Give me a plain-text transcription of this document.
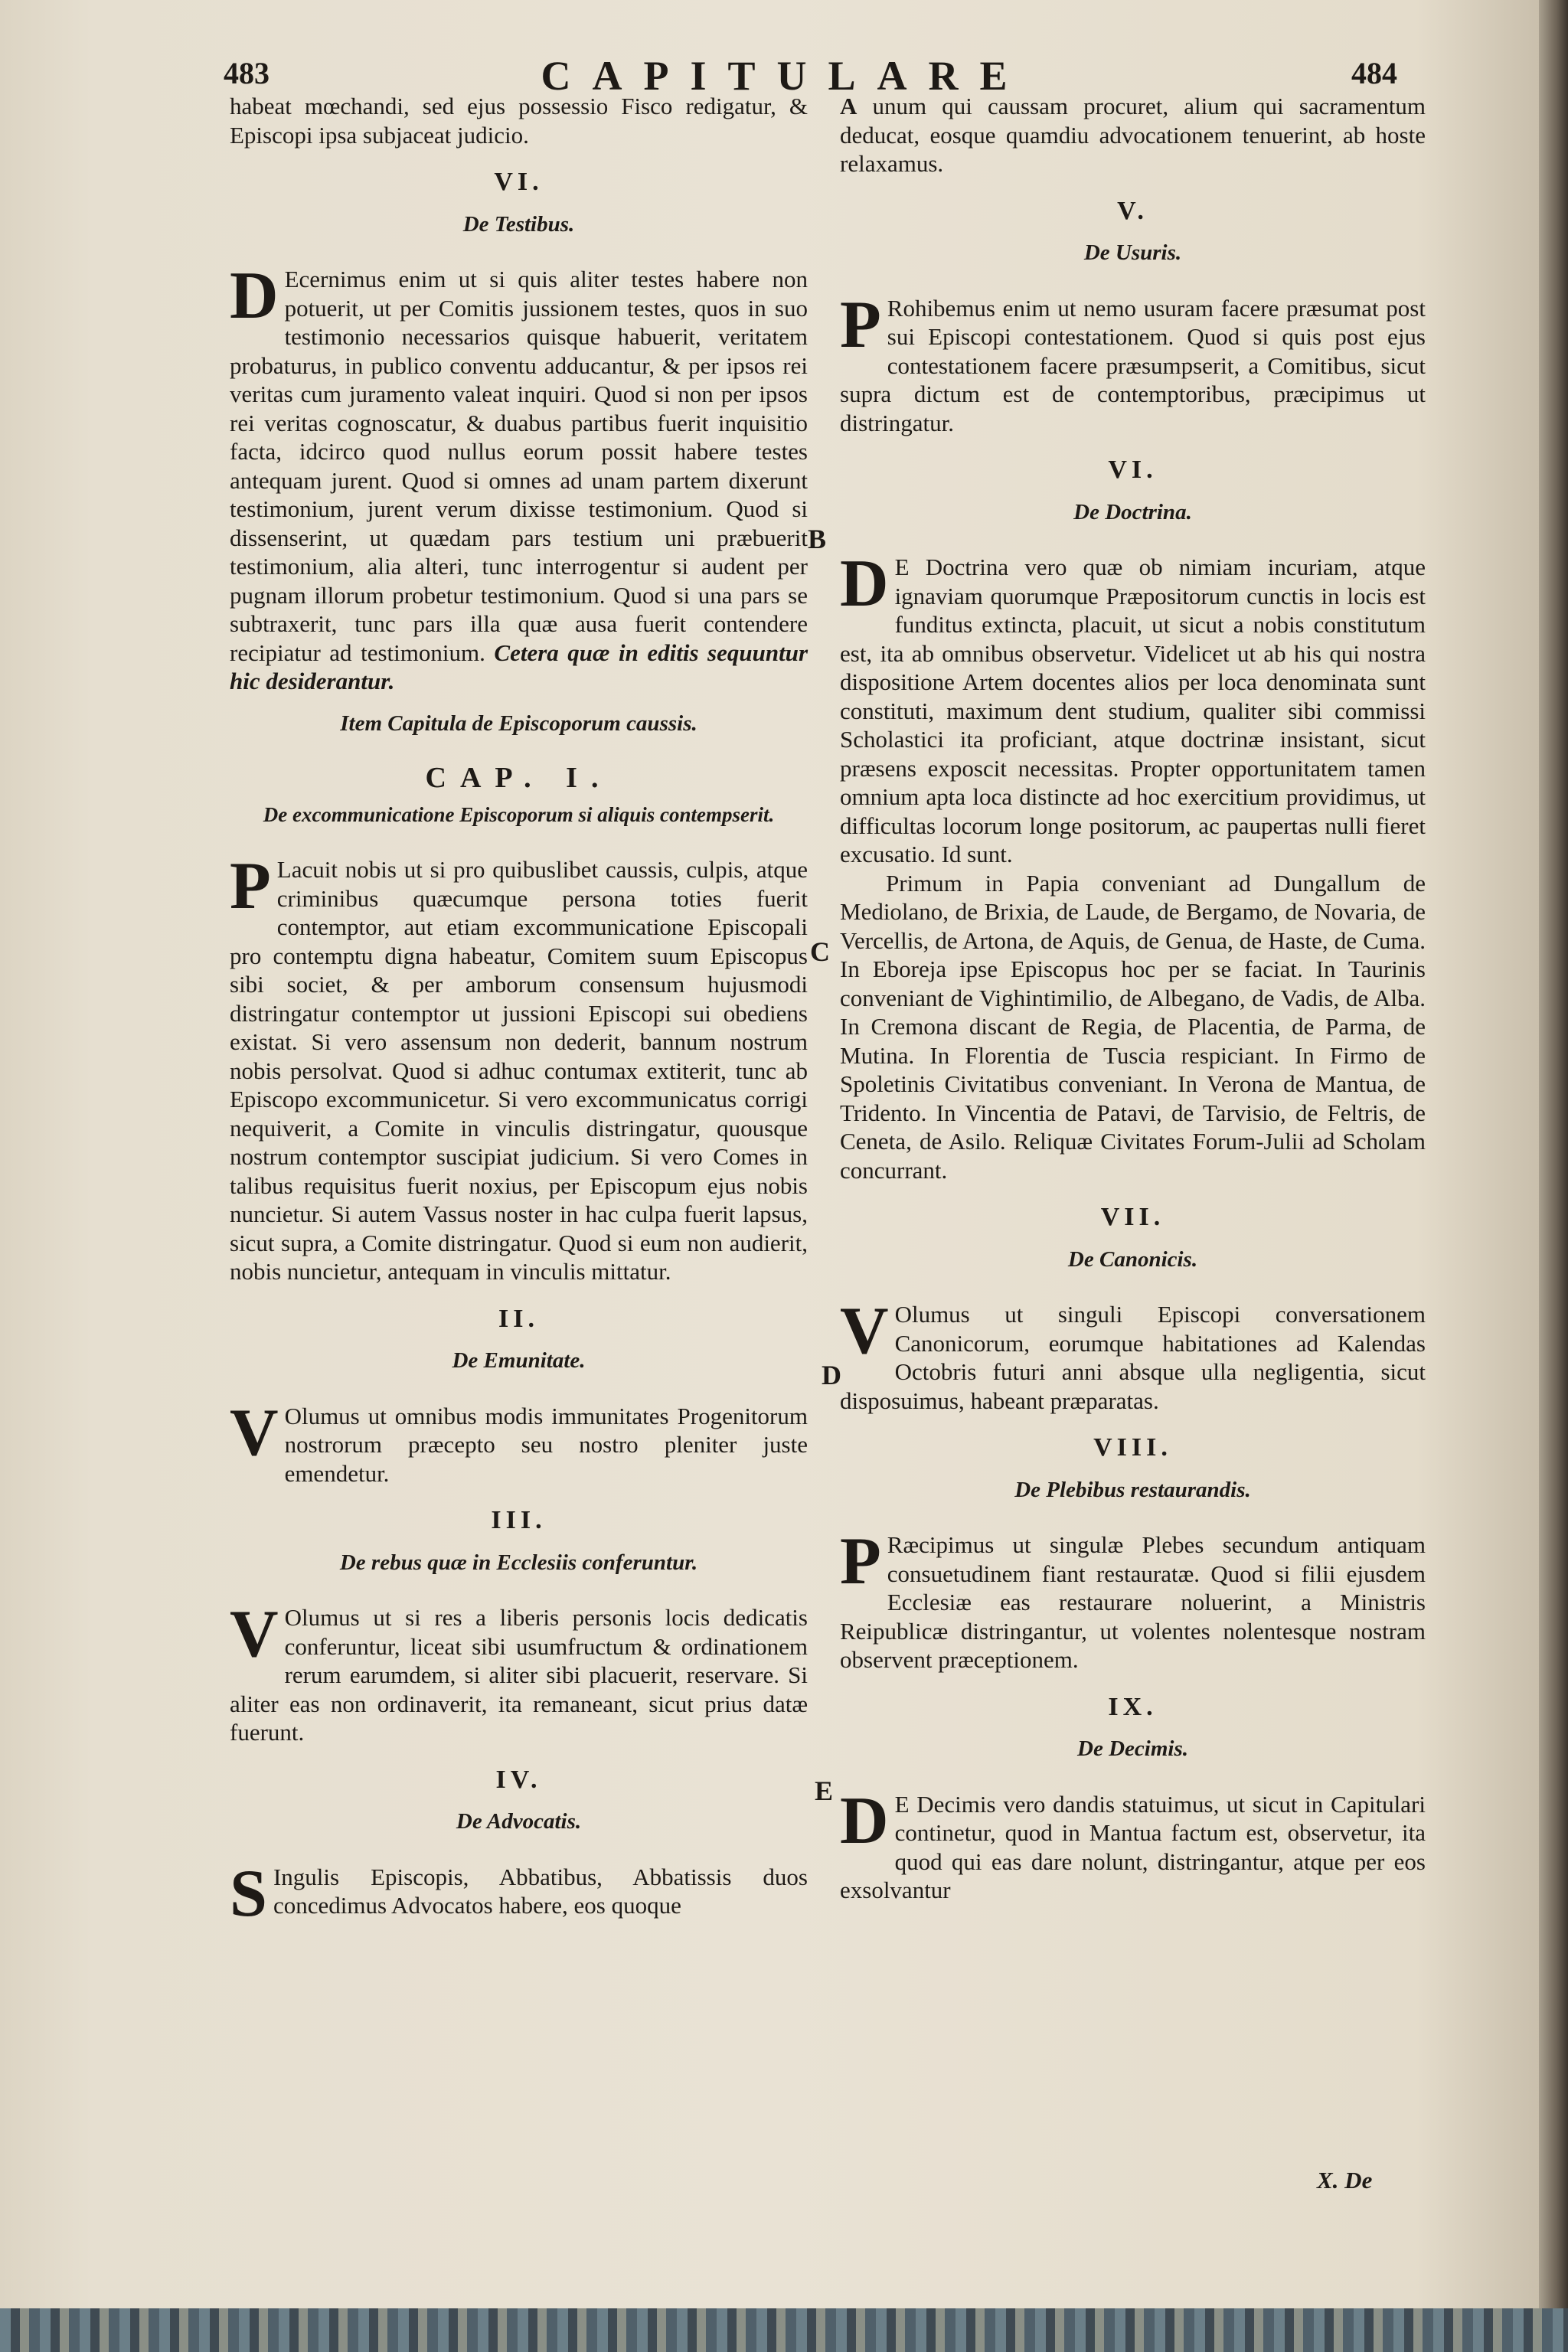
483	CAPITULARE	484

habeat mœchandi, sed ejus possessio Fisco redigatur, & Episcopi ipsa subjaceat judicio.

VI.
De Testibus.

D Ecernimus enim ut si quis aliter testes habere non potuerit, ut per Comitis jussionem testes, quos in suo testimonio necessarios quisque habuerit, veritatem probaturus, in publico conventu adducantur, & per ipsos rei veritas cum juramento valeat inquiri. Quod si non per ipsos rei veritas cognoscatur, & duabus partibus fuerit inquisitio facta, idcirco quod nullus eorum possit habere testes antequam jurent. Quod si omnes ad unam partem dixerunt testimonium, jurent verum dixisse testimonium. Quod si dissenserint, ut quædam pars testium uni præbuerit testimonium, alia alteri, tunc interrogentur si audent per pugnam illorum probetur testimonium. Quod si una pars se subtraxerit, tunc pars illa quæ ausa fuerit contendere recipiatur ad testimonium. Cetera quæ in editis sequuntur hic desiderantur.

Item Capitula de Episcoporum caussis.
CAP. I.
De excommunicatione Episcoporum si aliquis contempserit.

P Lacuit nobis ut si pro quibuslibet caussis, culpis, atque criminibus quæcumque persona toties fuerit contemptor, aut etiam excommunicatione Episcopali pro contemptu digna habeatur, Comitem suum Episcopus sibi societ, & per amborum consensum hujusmodi distringatur contemptor ut jussioni Episcopi sui obediens existat. Si vero assensum non dederit, bannum nostrum nobis persolvat. Quod si adhuc contumax extiterit, tunc ab Episcopo excommunicetur. Si vero excommunicatus corrigi nequiverit, a Comite in vinculis distringatur, quousque nostrum contemptor suscipiat judicium. Si vero Comes in talibus requisitus fuerit noxius, per Episcopum ejus nobis nuncietur. Si autem Vassus noster in hac culpa fuerit lapsus, sicut supra, a Comite distringatur. Quod si eum non audierit, nobis nuncietur, antequam in vinculis mittatur.

II.
De Emunitate.

V Olumus ut omnibus modis immunitates Progenitorum nostrorum præcepto seu nostro pleniter juste emendetur.

III.
De rebus quæ in Ecclesiis conferuntur.

V Olumus ut si res a liberis personis locis dedicatis conferuntur, liceat sibi usumfructum & ordinationem rerum earumdem, si aliter sibi placuerit, reservare. Si aliter eas non ordinaverit, ita remaneant, sicut prius datæ fuerunt.

IV.
De Advocatis.

S Ingulis Episcopis, Abbatibus, Abbatissis duos concedimus Advocatos habere, eos quoque

A unum qui caussam procuret, alium qui sacramentum deducat, eosque quamdiu advocationem tenuerint, ab hoste relaxamus.

V.
De Usuris.

P Rohibemus enim ut nemo usuram facere præsumat post sui Episcopi contestationem. Quod si quis post ejus contestationem facere præsumpserit, a Comitibus, sicut supra dictum est de contemptoribus, præcipimus ut distringatur.

VI.
De Doctrina.

D E Doctrina vero quæ ob nimiam incuriam, atque ignaviam quorumque Præpositorum cunctis in locis est funditus extincta, placuit, ut sicut a nobis constitutum est, ita ab omnibus observetur. Videlicet ut ab his qui nostra dispositione Artem docentes alios per loca denominata sunt constituti, maximum dent studium, qualiter sibi commissi Scholastici ita proficiant, atque doctrinæ insistant, sicut præsens exposcit necessitas. Propter opportunitatem tamen omnium apta loca distincte ad hoc exercitium providimus, ut difficultas locorum longe positorum, ac paupertas nulli fieret excusatio. Id sunt.

Primum in Papia conveniant ad Dungallum de Mediolano, de Brixia, de Laude, de Bergamo, de Novaria, de Vercellis, de Artona, de Aquis, de Genua, de Haste, de Cuma. In Eboreja ipse Episcopus hoc per se faciat. In Taurinis conveniant de Vighintimilio, de Albegano, de Vadis, de Alba. In Cremona discant de Regia, de Placentia, de Parma, de Mutina. In Florentia de Tuscia respiciant. In Firmo de Spoletinis Civitatibus conveniant. In Verona de Mantua, de Tridento. In Vincentia de Patavi, de Tarvisio, de Feltris, de Ceneta, de Asilo. Reliquæ Civitates Forum-Julii ad Scholam concurrant.

VII.
De Canonicis.

V Olumus ut singuli Episcopi conversationem Canonicorum, eorumque habitationes ad Kalendas Octobris futuri anni absque ulla negligentia, sicut disposuimus, habeant præparatas.

VIII.
De Plebibus restaurandis.

P Ræcipimus ut singulæ Plebes secundum antiquam consuetudinem fiant restauratæ. Quod si filii ejusdem Ecclesiæ eas restaurare noluerint, a Ministris Reipublicæ distringantur, ut volentes nolentesque nostram observent præceptionem.

IX.
De Decimis.

D E Decimis vero dandis statuimus, ut sicut in Capitulari continetur, quod in Mantua factum est, observetur, ita quod qui eas dare nolunt, distringantur, atque per eos exsolvantur

B
C
D
E
X. De
